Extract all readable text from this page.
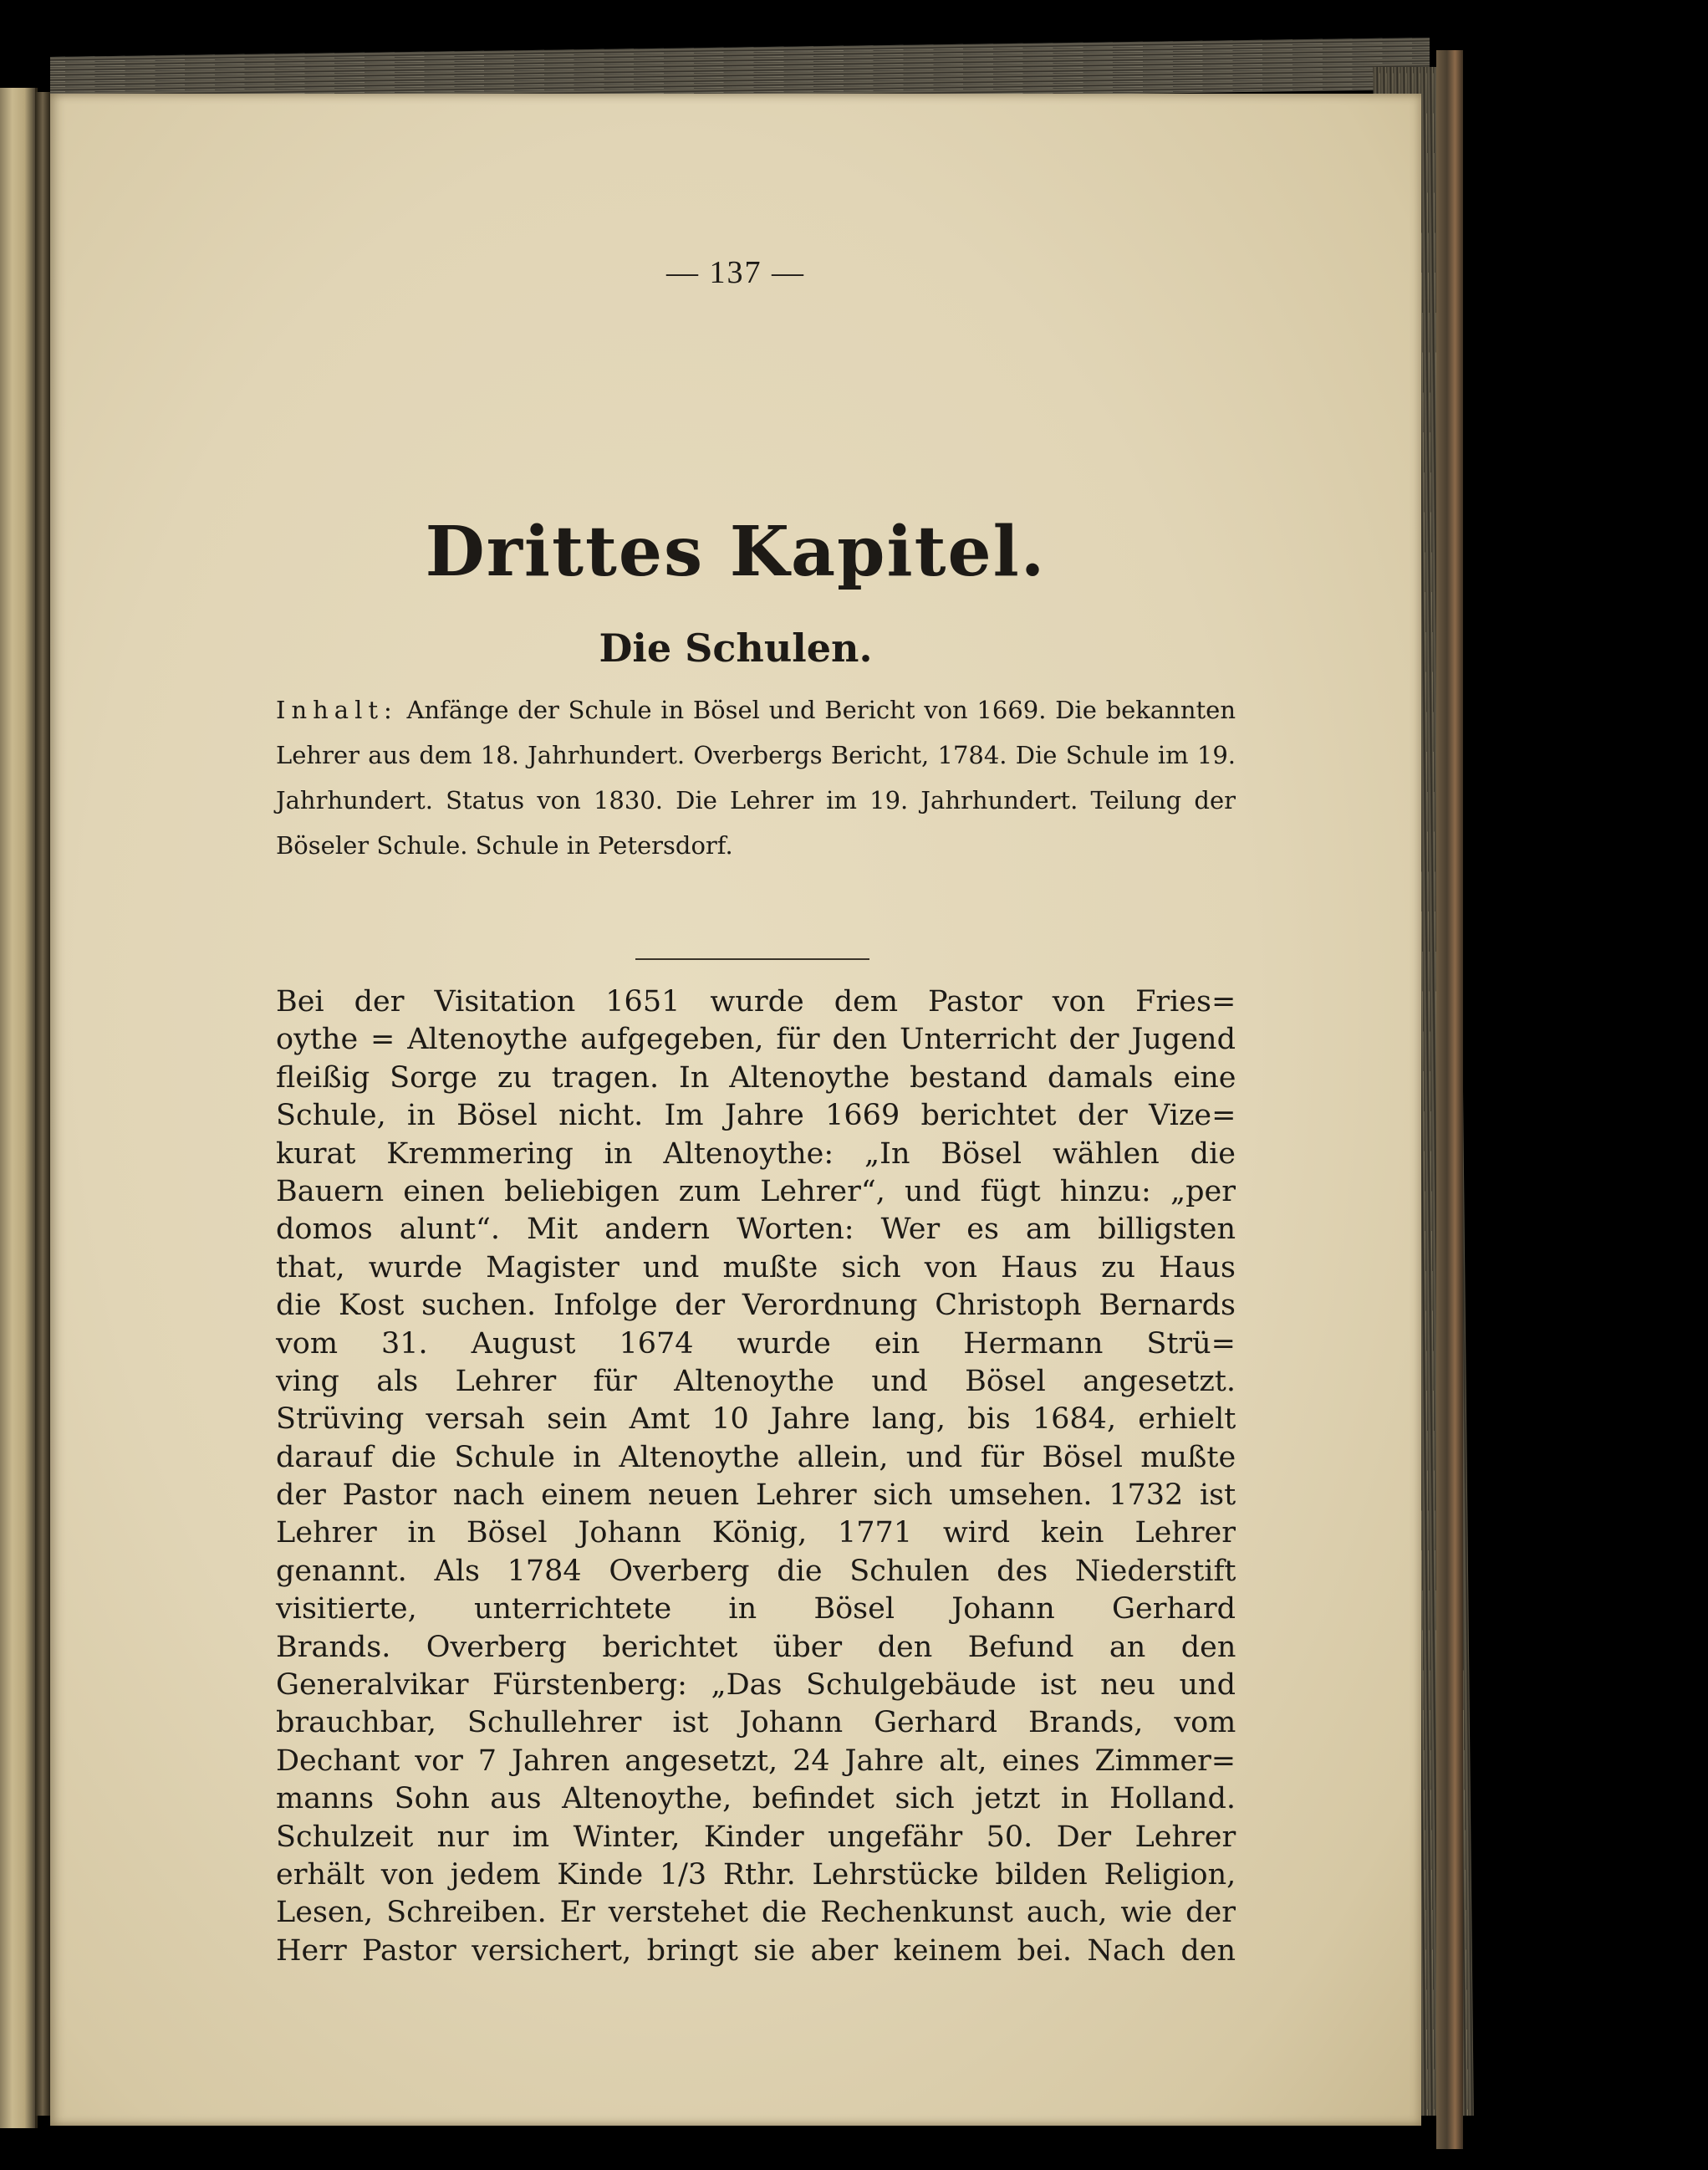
— 137 —
Drittes Kapitel.
Die Schulen.
Inhalt: Anfänge der Schule in Bösel und Bericht von 1669. Die bekannten Lehrer aus dem 18. Jahrhundert. Overbergs Bericht, 1784. Die Schule im 19. Jahrhundert. Status von 1830. Die Lehrer im 19. Jahrhundert. Teilung der Böseler Schule. Schule in Petersdorf.
Bei der Visitation 1651 wurde dem Pastor von Fries=
oythe = Altenoythe aufgegeben, für den Unterricht der Jugend
fleißig Sorge zu tragen. In Altenoythe bestand damals eine
Schule, in Bösel nicht. Im Jahre 1669 berichtet der Vize=
kurat Kremmering in Altenoythe: „In Bösel wählen die
Bauern einen beliebigen zum Lehrer“, und fügt hinzu: „per
domos alunt“. Mit andern Worten: Wer es am billigsten
that, wurde Magister und mußte sich von Haus zu Haus
die Kost suchen. Infolge der Verordnung Christoph Bernards
vom 31. August 1674 wurde ein Hermann Strü=
ving als Lehrer für Altenoythe und Bösel angesetzt.
Strüving versah sein Amt 10 Jahre lang, bis 1684, erhielt
darauf die Schule in Altenoythe allein, und für Bösel mußte
der Pastor nach einem neuen Lehrer sich umsehen. 1732 ist
Lehrer in Bösel Johann König, 1771 wird kein Lehrer
genannt. Als 1784 Overberg die Schulen des Niederstift
visitierte, unterrichtete in Bösel Johann Gerhard
Brands. Overberg berichtet über den Befund an den
Generalvikar Fürstenberg: „Das Schulgebäude ist neu und
brauchbar, Schullehrer ist Johann Gerhard Brands, vom
Dechant vor 7 Jahren angesetzt, 24 Jahre alt, eines Zimmer=
manns Sohn aus Altenoythe, befindet sich jetzt in Holland.
Schulzeit nur im Winter, Kinder ungefähr 50. Der Lehrer
erhält von jedem Kinde 1/3 Rthr. Lehrstücke bilden Religion,
Lesen, Schreiben. Er verstehet die Rechenkunst auch, wie der
Herr Pastor versichert, bringt sie aber keinem bei. Nach den
